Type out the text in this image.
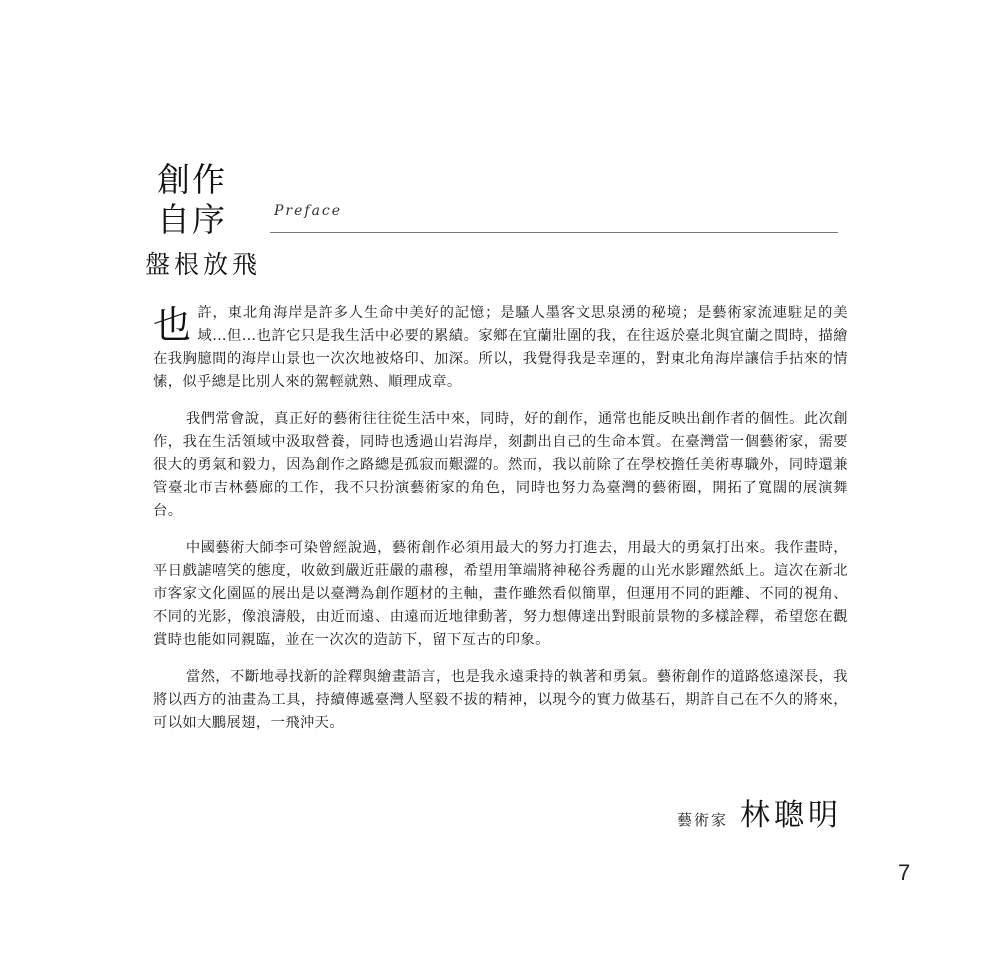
創作
自序	Preface
盤根放飛

也許，東北角海岸是許多人生命中美好的記憶；是騷人墨客文思泉湧的秘境；是藝術家流連駐足的美域…但…也許它只是我生活中必要的累績。家鄉在宜蘭壯圍的我，在往返於臺北與宜蘭之間時，描繪在我胸臆間的海岸山景也一次次地被烙印、加深。所以，我覺得我是幸運的，對東北角海岸讓信手拈來的情愫，似乎總是比別人來的駕輕就熟、順理成章。

我們常會說，真正好的藝術往往從生活中來，同時，好的創作，通常也能反映出創作者的個性。此次創作，我在生活領域中汲取營養，同時也透過山岩海岸，刻劃出自己的生命本質。在臺灣當一個藝術家，需要很大的勇氣和毅力，因為創作之路總是孤寂而艱澀的。然而，我以前除了在學校擔任美術專職外，同時還兼管臺北市吉林藝廊的工作，我不只扮演藝術家的角色，同時也努力為臺灣的藝術圈，開拓了寬闊的展演舞台。

中國藝術大師李可染曾經說過，藝術創作必須用最大的努力打進去，用最大的勇氣打出來。我作畫時，平日戲謔嘻笑的態度，收斂到嚴近莊嚴的肅穆，希望用筆端將神秘谷秀麗的山光水影躍然紙上。這次在新北市客家文化園區的展出是以臺灣為創作題材的主軸，畫作雖然看似簡單，但運用不同的距離、不同的視角、不同的光影，像浪濤般，由近而遠、由遠而近地律動著，努力想傳達出對眼前景物的多樣詮釋，希望您在觀賞時也能如同親臨，並在一次次的造訪下，留下亙古的印象。

當然，不斷地尋找新的詮釋與繪畫語言，也是我永遠秉持的執著和勇氣。藝術創作的道路悠遠深長，我將以西方的油畫為工具，持續傳遞臺灣人堅毅不拔的精神，以現今的實力做基石，期許自己在不久的將來，可以如大鵬展翅，一飛沖天。

藝術家 林聰明
7
